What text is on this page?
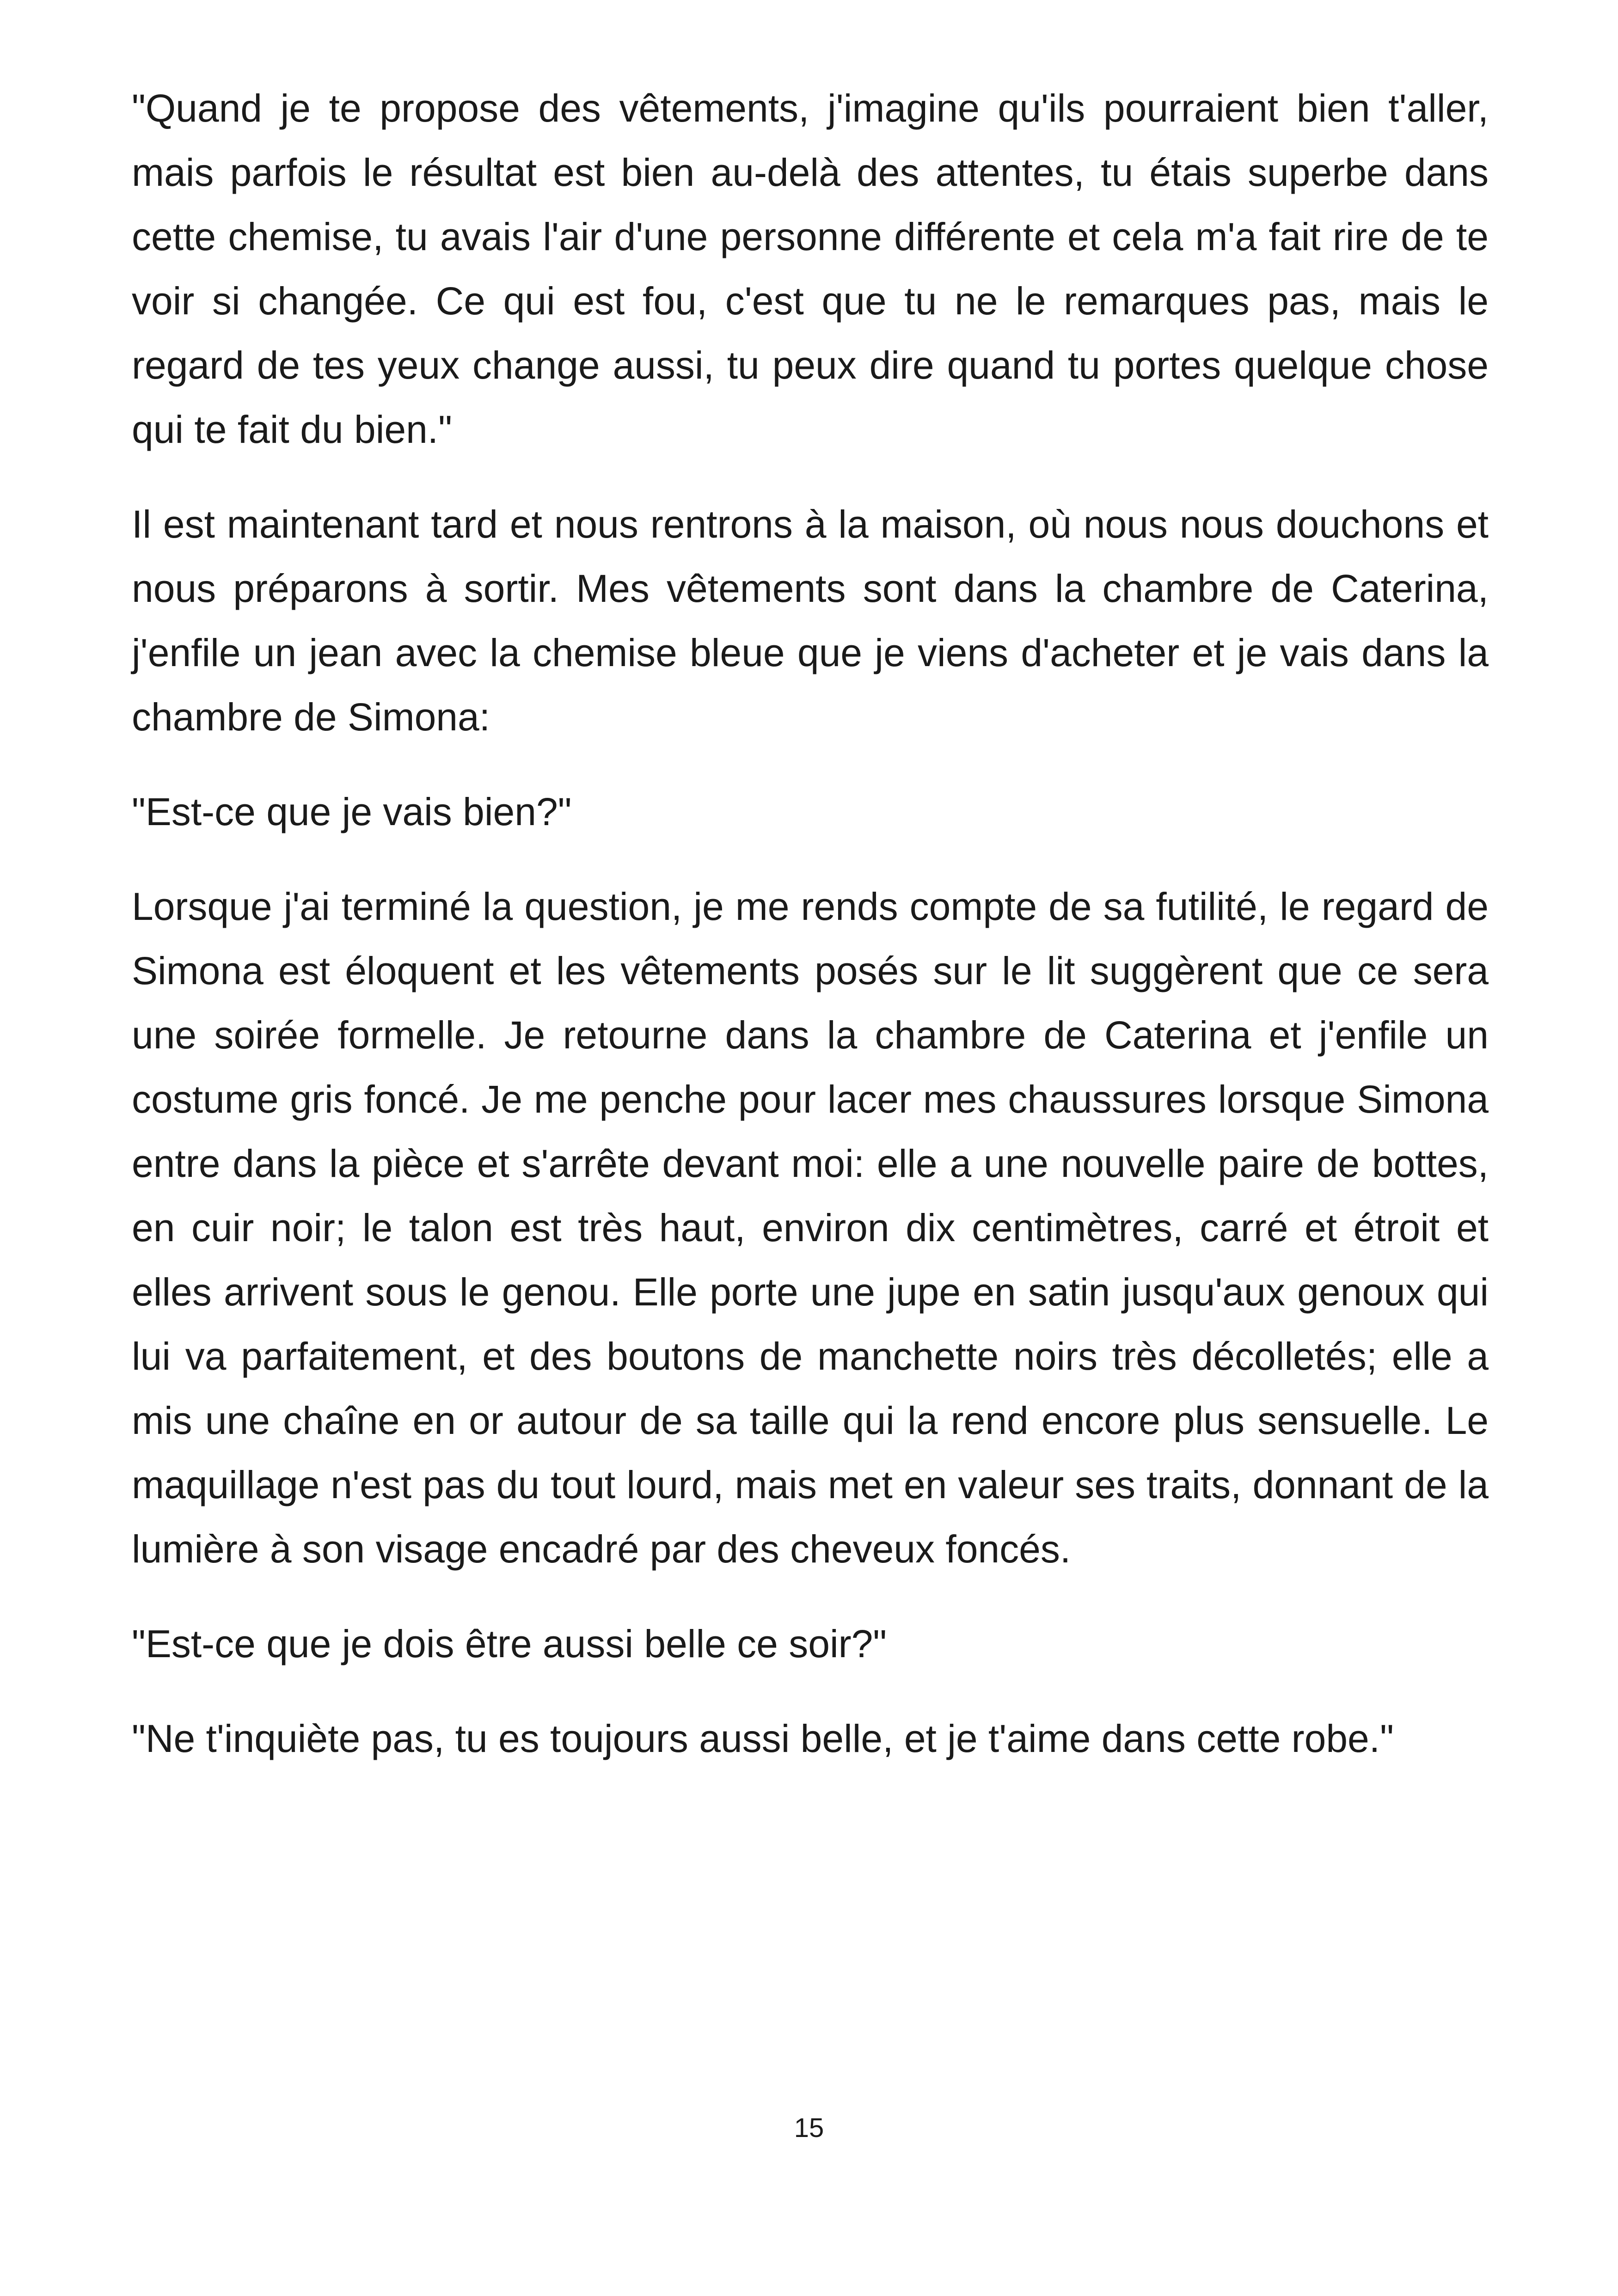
"Quand je te propose des vêtements, j'imagine qu'ils pourraient bien t'aller, mais parfois le résultat est bien au-delà des attentes, tu étais superbe dans cette chemise, tu avais l'air d'une personne différente et cela m'a fait rire de te voir si changée. Ce qui est fou, c'est que tu ne le remarques pas, mais le regard de tes yeux change aussi, tu peux dire quand tu portes quelque chose qui te fait du bien."

Il est maintenant tard et nous rentrons à la maison, où nous nous douchons et nous préparons à sortir. Mes vêtements sont dans la chambre de Caterina, j'enfile un jean avec la chemise bleue que je viens d'acheter et je vais dans la chambre de Simona:

"Est-ce que je vais bien?"

Lorsque j'ai terminé la question, je me rends compte de sa futilité, le regard de Simona est éloquent et les vêtements posés sur le lit suggèrent que ce sera une soirée formelle. Je retourne dans la chambre de Caterina et j'enfile un costume gris foncé. Je me penche pour lacer mes chaussures lorsque Simona entre dans la pièce et s'arrête devant moi: elle a une nouvelle paire de bottes, en cuir noir; le talon est très haut, environ dix centimètres, carré et étroit et elles arrivent sous le genou. Elle porte une jupe en satin jusqu'aux genoux qui lui va parfaitement, et des boutons de manchette noirs très décolletés; elle a mis une chaîne en or autour de sa taille qui la rend encore plus sensuelle. Le maquillage n'est pas du tout lourd, mais met en valeur ses traits, donnant de la lumière à son visage encadré par des cheveux foncés.

"Est-ce que je dois être aussi belle ce soir?"

"Ne t'inquiète pas, tu es toujours aussi belle, et je t'aime dans cette robe."

15
